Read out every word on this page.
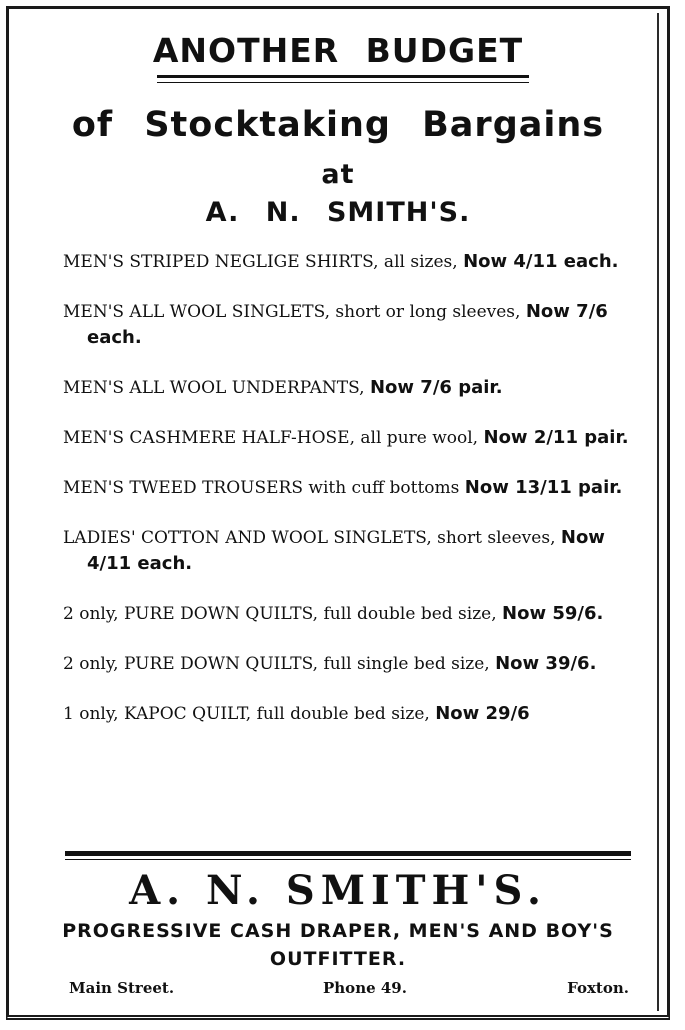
ANOTHER BUDGET
of Stocktaking Bargains
at
A. N. SMITH'S.
MEN'S STRIPED NEGLIGE SHIRTS, all sizes, Now 4/11 each.
MEN'S ALL WOOL SINGLETS, short or long sleeves, Now 7/6 each.
MEN'S ALL WOOL UNDERPANTS, Now 7/6 pair.
MEN'S CASHMERE HALF-HOSE, all pure wool, Now 2/11 pair.
MEN'S TWEED TROUSERS with cuff bottoms Now 13/11 pair.
LADIES' COTTON AND WOOL SINGLETS, short sleeves, Now 4/11 each.
2 only, PURE DOWN QUILTS, full double bed size, Now 59/6.
2 only, PURE DOWN QUILTS, full single bed size, Now 39/6.
1 only, KAPOC QUILT, full double bed size, Now 29/6
A. N. SMITH'S.
PROGRESSIVE CASH DRAPER, MEN'S AND BOY'S
OUTFITTER.
Main Street.	Phone 49.	Foxton.
